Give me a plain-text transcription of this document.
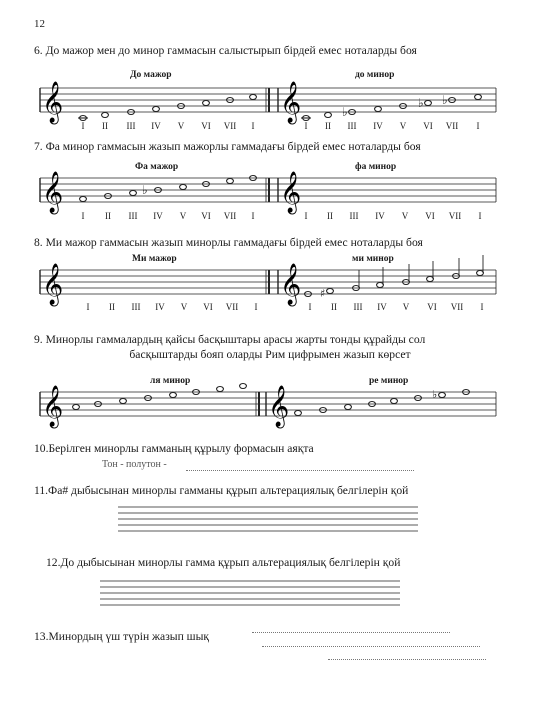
12
6. До мажор мен до минор гаммасын салыстырып бірдей емес ноталарды боя
До мажор	до минор
𝄞	𝄞	♭
♭ ♭
I	II	III	IV	V	VI	VII	I	I	II	III	IV	V	VI	VII	I
7. Фа минор гаммасын жазып мажорлы гаммадағы бірдей емес ноталарды боя
Фа мажор	фа минор
𝄞	𝄞
♭
I	II	III	IV	V	VI	VII	I	I	II	III	IV	V	VI	VII	I
8. Ми мажор гаммасын жазып минорлы гаммадағы бірдей емес ноталарды боя
Ми мажор	ми минор
𝄞	𝄞 ♯
I	II	III	IV	V	VI	VII	I	I	II	III	IV	V	VI	VII	I
9. Минорлы гаммалардың қайсы басқыштары арасы жарты тонды құрайды сол
басқыштарды бояп оларды Рим цифрымен жазып көрсет
ля минор	ре минор
𝄞	𝄞	♭
10.Берілген минорлы гамманың құрылу формасын аяқта
Тон - полутон -
11.Фа# дыбысынан минорлы гамманы құрып альтерациялық белгілерін қой
12.До дыбысынан минорлы гамма құрып альтерациялық белгілерін қой
13.Минордың үш түрін жазып шық
